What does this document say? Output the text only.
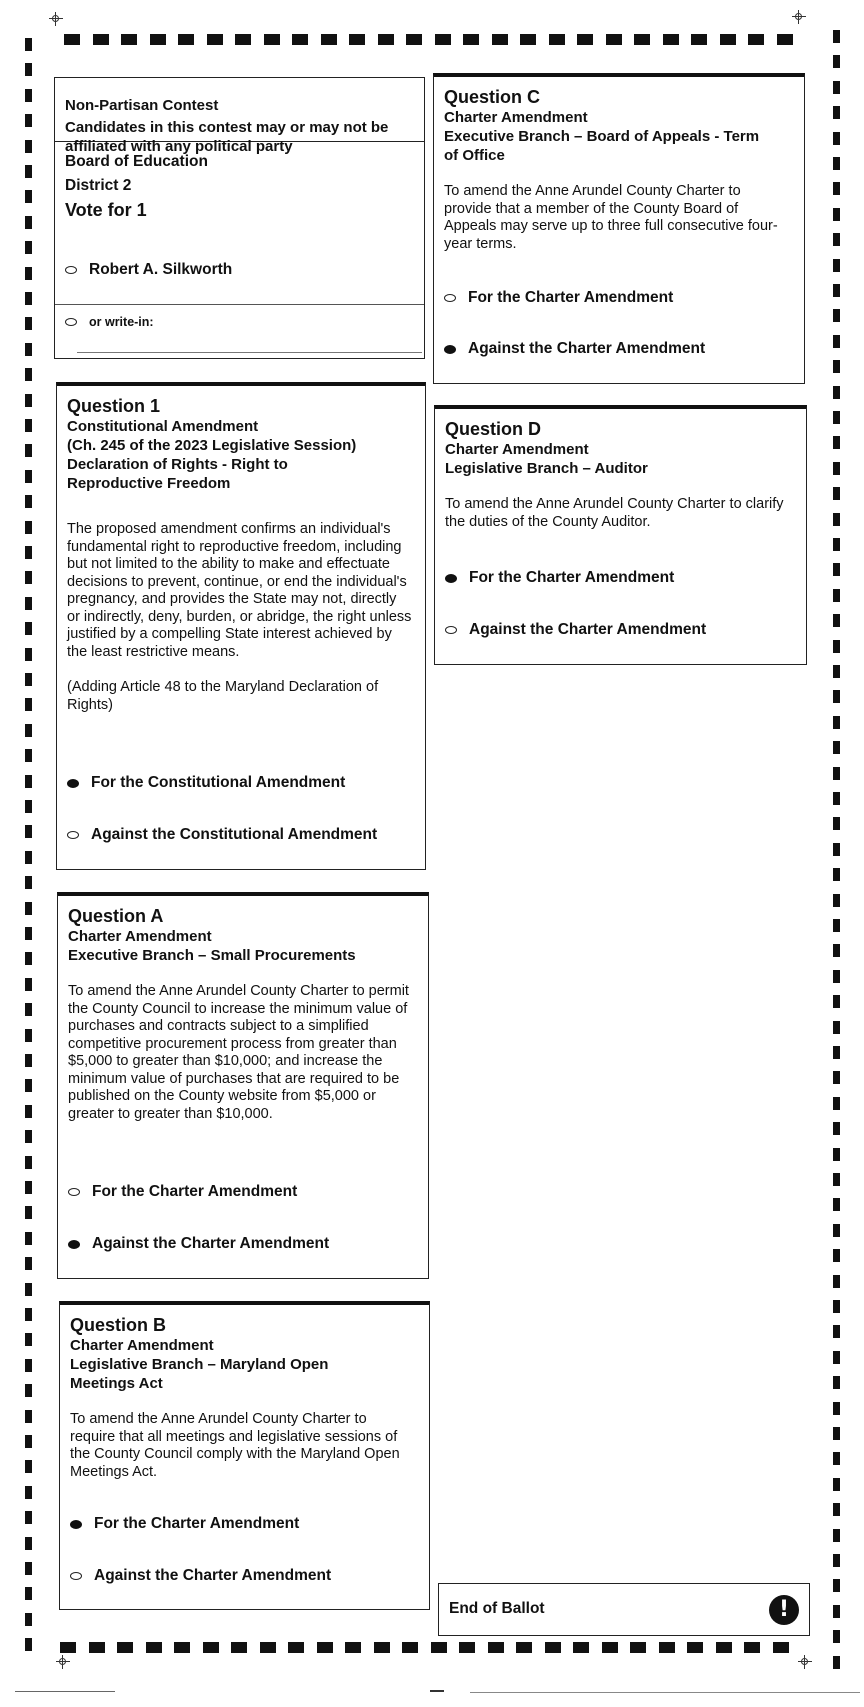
Non-Partisan Contest
Candidates in this contest may or may not be affiliated with any political party
Board of Education
District 2
Vote for 1
Robert A. Silkworth
or write-in:
Question 1
Constitutional Amendment
(Ch. 245 of the 2023 Legislative Session)
Declaration of Rights - Right to Reproductive Freedom
The proposed amendment confirms an individual's fundamental right to reproductive freedom, including but not limited to the ability to make and effectuate decisions to prevent, continue, or end the individual's pregnancy, and provides the State may not, directly or indirectly, deny, burden, or abridge, the right unless justified by a compelling State interest achieved by the least restrictive means.
(Adding Article 48 to the Maryland Declaration of Rights)
For the Constitutional Amendment
Against the Constitutional Amendment
Question A
Charter Amendment
Executive Branch – Small Procurements
To amend the Anne Arundel County Charter to permit the County Council to increase the minimum value of purchases and contracts subject to a simplified competitive procurement process from greater than $5,000 to greater than $10,000; and increase the minimum value of purchases that are required to be published on the County website from $5,000 or greater to greater than $10,000.
For the Charter Amendment
Against the Charter Amendment
Question B
Charter Amendment
Legislative Branch – Maryland Open Meetings Act
To amend the Anne Arundel County Charter to require that all meetings and legislative sessions of the County Council comply with the Maryland Open Meetings Act.
For the Charter Amendment
Against the Charter Amendment
Question C
Charter Amendment
Executive Branch – Board of Appeals - Term of Office
To amend the Anne Arundel County Charter to provide that a member of the County Board of Appeals may serve up to three full consecutive four-year terms.
For the Charter Amendment
Against the Charter Amendment
Question D
Charter Amendment
Legislative Branch – Auditor
To amend the Anne Arundel County Charter to clarify the duties of the County Auditor.
For the Charter Amendment
Against the Charter Amendment
End of Ballot	!
